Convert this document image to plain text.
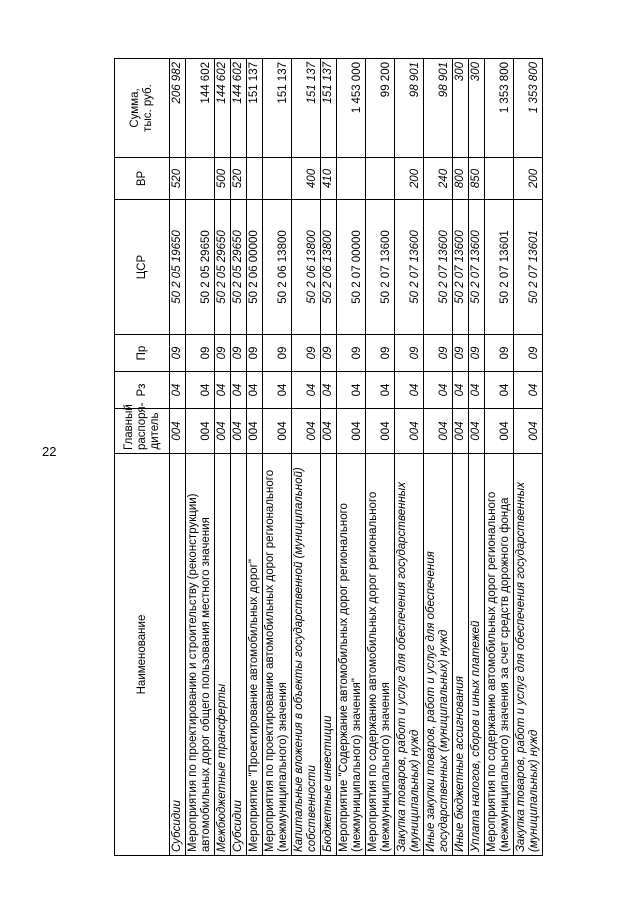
22
Наименование	Главный
распоря-
дитель	Рз	Пр	ЦСР	ВР	Сумма,
тыс. руб.
Субсидии	004	04	09	50 2 05 19650	520	206 982
Мероприятия по проектированию и строительству (реконструкции) автомобильных дорог общего пользования местного значения	004	04	09	50 2 05 29650		144 602
Межбюджетные трансферты	004	04	09	50 2 05 29650	500	144 602
Субсидии	004	04	09	50 2 05 29650	520	144 602
Мероприятие "Проектирование автомобильных дорог"	004	04	09	50 2 06 00000		151 137
Мероприятия по проектированию автомобильных дорог регионального (межмуниципального) значения	004	04	09	50 2 06 13800		151 137
Капитальные вложения в объекты государственной (муниципальной) собственности	004	04	09	50 2 06 13800	400	151 137
Бюджетные инвестиции	004	04	09	50 2 06 13800	410	151 137
Мероприятие "Содержание автомобильных дорог регионального (межмуниципального) значения"	004	04	09	50 2 07 00000		1 453 000
Мероприятия по содержанию автомобильных дорог регионального (межмуниципального) значения	004	04	09	50 2 07 13600		99 200
Закупка товаров, работ и услуг для обеспечения государственных (муниципальных) нужд	004	04	09	50 2 07 13600	200	98 901
Иные закупки товаров, работ и услуг для обеспечения государственных (муниципальных) нужд	004	04	09	50 2 07 13600	240	98 901
Иные бюджетные ассигнования	004	04	09	50 2 07 13600	800	300
Уплата налогов, сборов и иных платежей	004	04	09	50 2 07 13600	850	300
Мероприятия по содержанию автомобильных дорог регионального (межмуниципального) значения за счет средств дорожного фонда	004	04	09	50 2 07 13601		1 353 800
Закупка товаров, работ и услуг для обеспечения государственных (муниципальных) нужд	004	04	09	50 2 07 13601	200	1 353 800
